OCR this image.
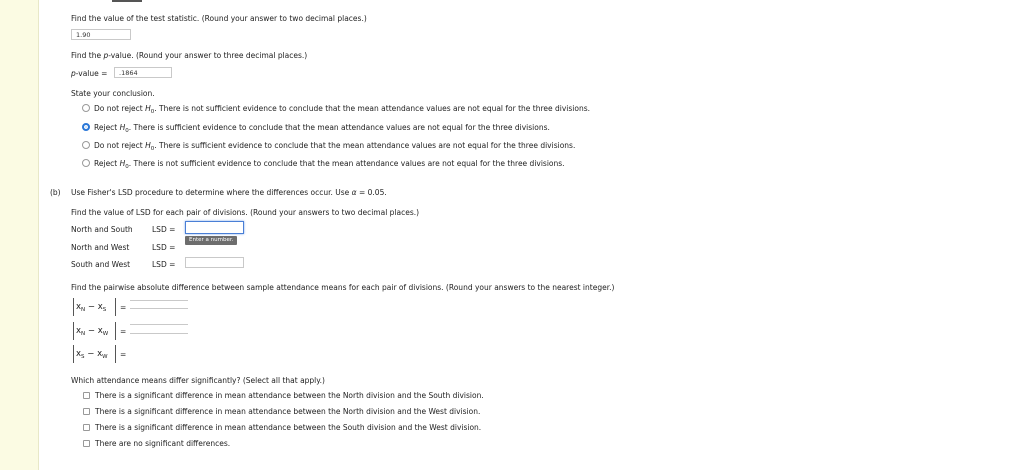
Find the value of the test statistic. (Round your answer to two decimal places.)
1.90
Find the p-value. (Round your answer to three decimal places.)
p-value =	.1864
State your conclusion.
Do not reject $H_0$. There is not sufficient evidence to conclude that the mean attendance values are not equal for the three divisions.
Reject $H_0$. There is sufficient evidence to conclude that the mean attendance values are not equal for the three divisions.
Do not reject $H_0$. There is sufficient evidence to conclude that the mean attendance values are not equal for the three divisions.
Reject $H_0$. There is not sufficient evidence to conclude that the mean attendance values are not equal for the three divisions.
(b) Use Fisher's LSD procedure to determine where the differences occur. Use α = 0.05.
Find the value of LSD for each pair of divisions. (Round your answers to two decimal places.)
North and South	LSD =
Enter a number.
North and West	LSD =
South and West	LSD =
Find the pairwise absolute difference between sample attendance means for each pair of divisions. (Round your answers to the nearest integer.)
$x_N - x_S$ =
$x_N - x_W$ =
$x_S - x_W$ =
Which attendance means differ significantly? (Select all that apply.)
There is a significant difference in mean attendance between the North division and the South division.
There is a significant difference in mean attendance between the North division and the West division.
There is a significant difference in mean attendance between the South division and the West division.
There are no significant differences.
